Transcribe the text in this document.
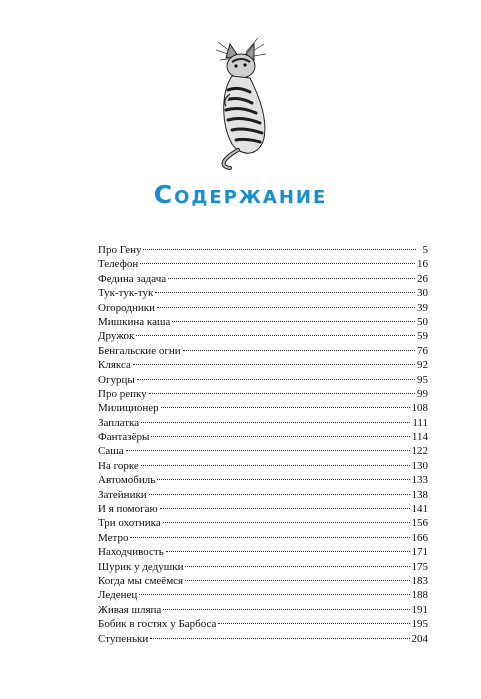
Содержание
Про Гену	5
Телефон	16
Федина задача	26
Тук-тук-тук	30
Огородники	39
Мишкина каша	50
Дружок	59
Бенгальские огни	76
Клякса	92
Огурцы	95
Про репку	99
Милиционер	108
Заплатка	111
Фантазёры	114
Саша	122
На горке	130
Автомобиль	133
Затейники	138
И я помогаю	141
Три охотника	156
Метро	166
Находчивость	171
Шурик у дедушки	175
Когда мы смеёмся	183
Леденец	188
Живая шляпа	191
Бобик в гостях у Барбоса	195
Ступеньки	204
